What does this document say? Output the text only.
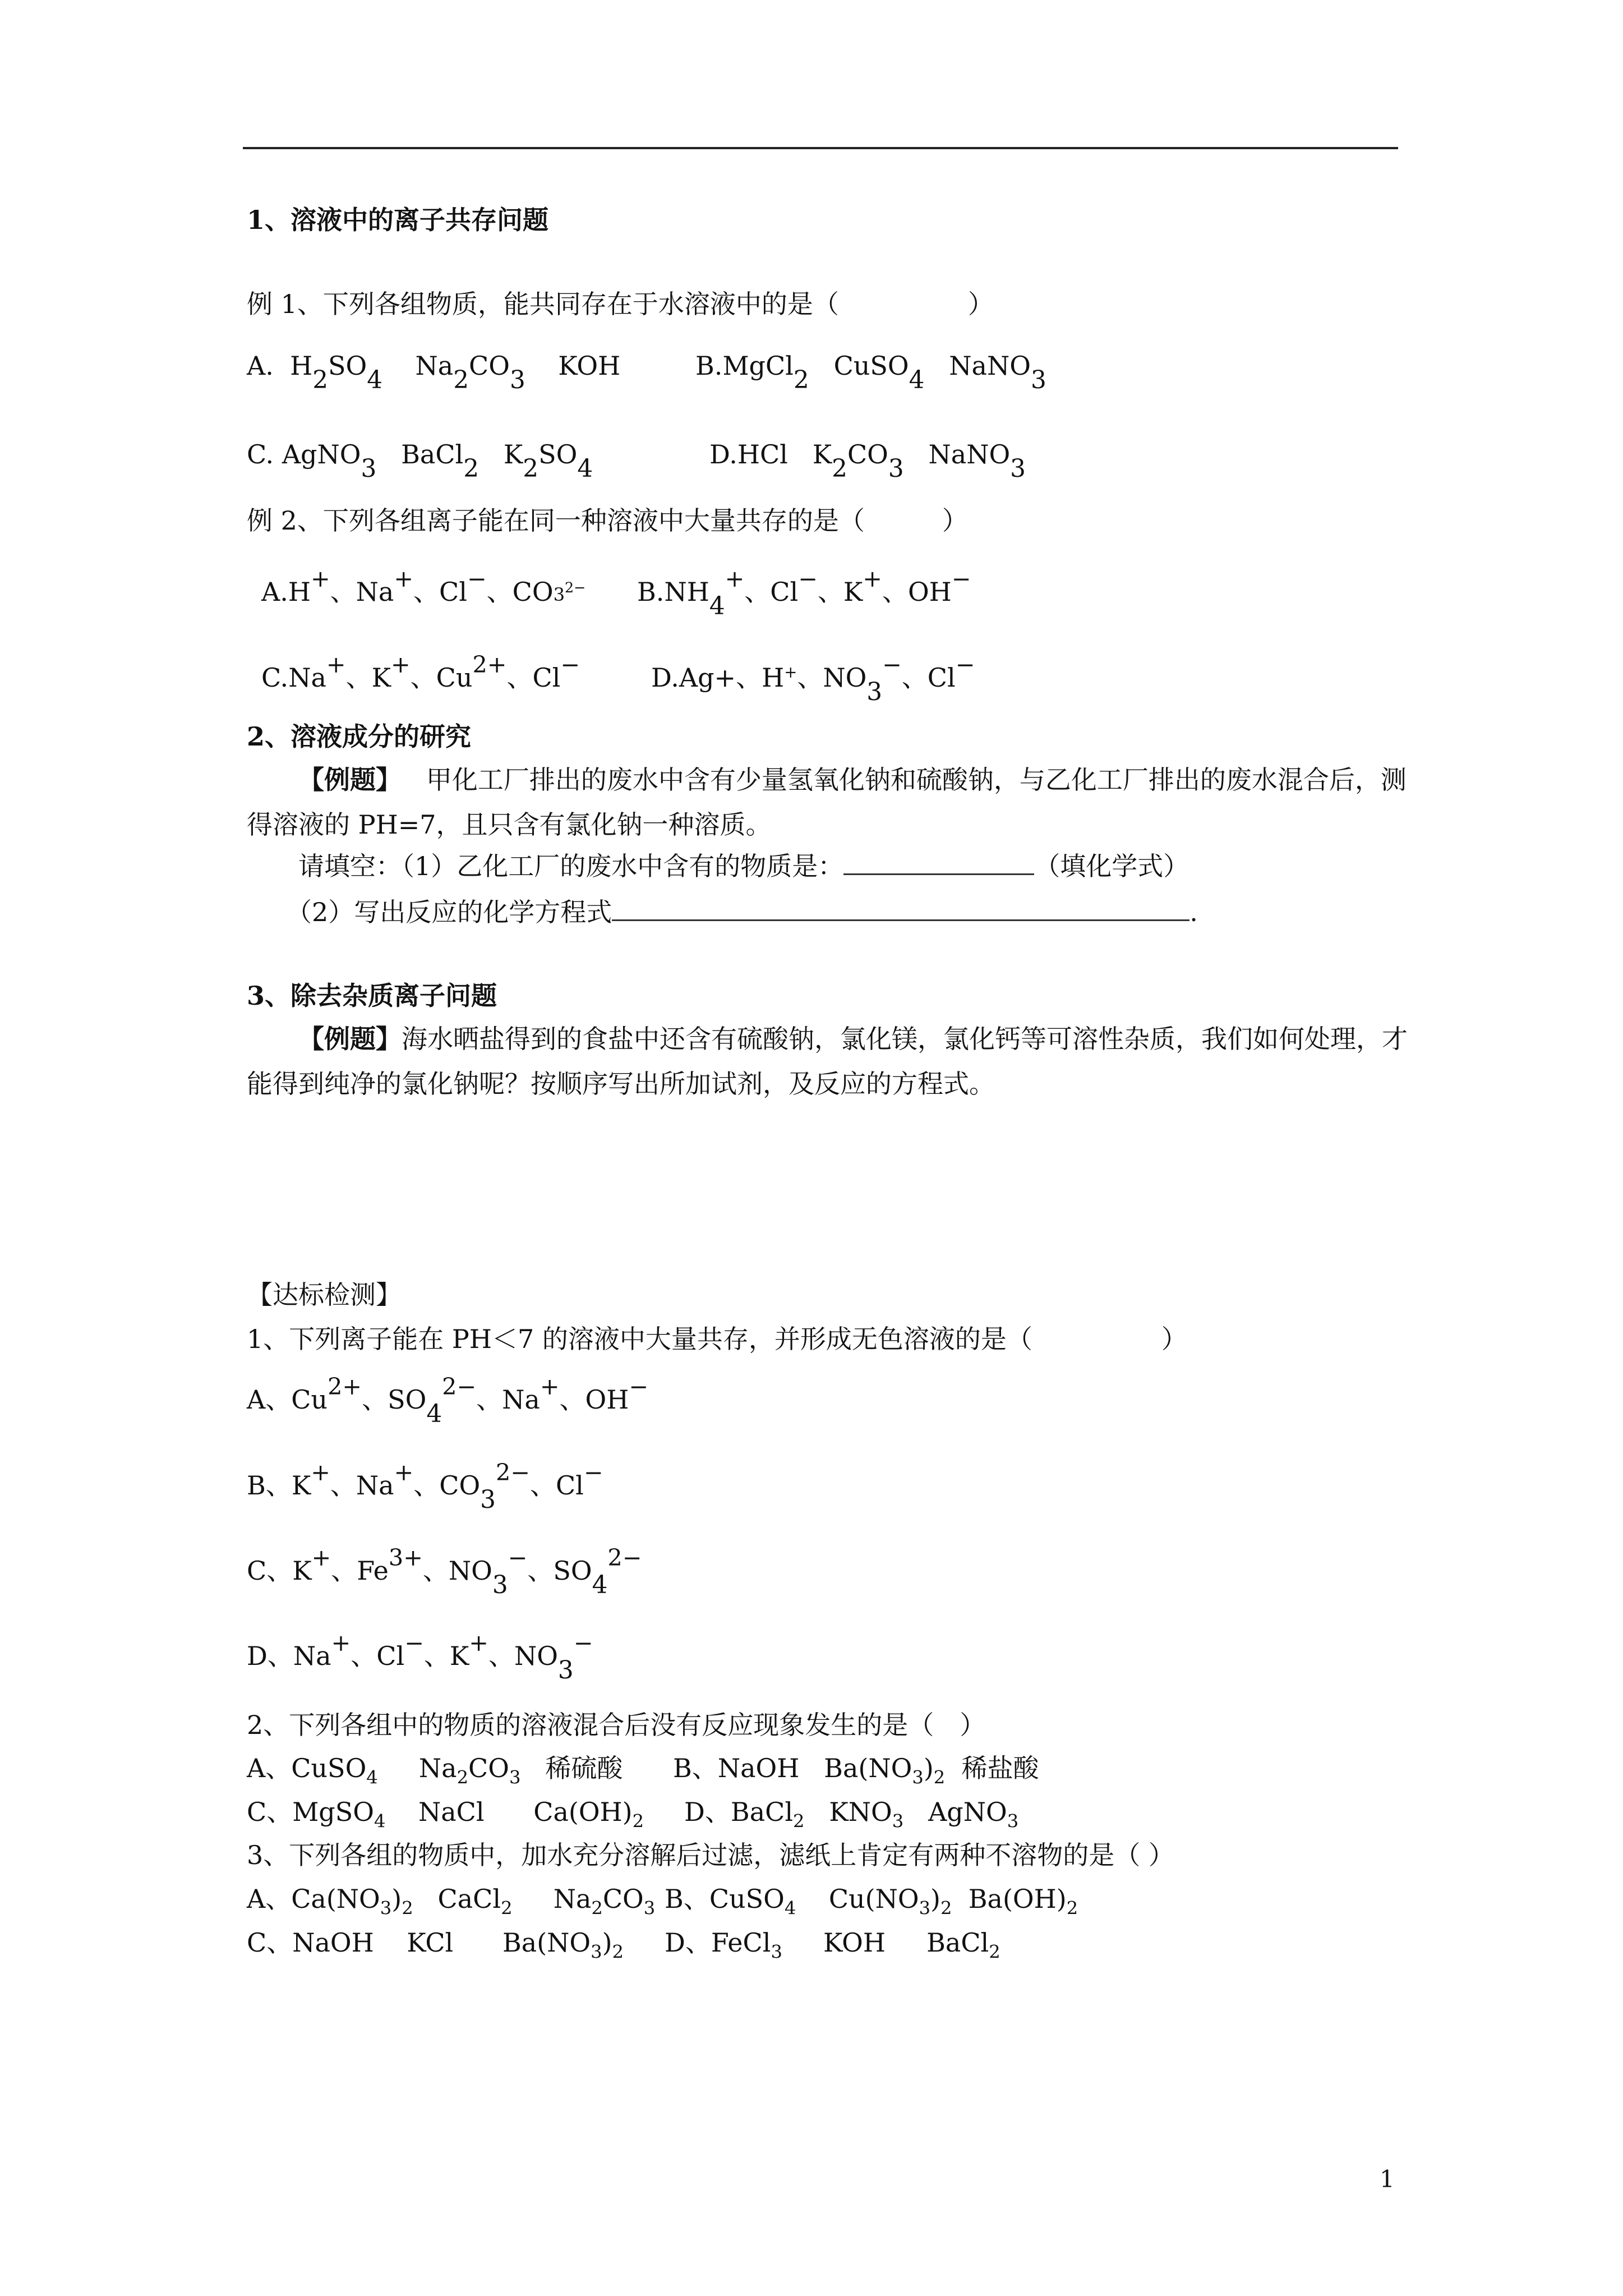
1、溶液中的离子共存问题
例 1、下列各组物质，能共同存在于水溶液中的是（　　　　　）
A.  $H_2SO_4$    $Na_2CO_3$    KOH	B.MgCl$_2$   CuSO$_4$   NaNO$_3$
C. AgNO$_3$   BaCl$_2$   $K_2SO_4$	D.HCl   $K_2CO_3$   NaNO$_3$
例 2、下列各组离子能在同一种溶液中大量共存的是（　　　）
A.H+、Na+、Cl−、$CO3^{2-}$ $B.NH_4^+$、Cl−、K+、OH−
C.Na+、K+、$Cu^{2+}$、Cl−	D.Ag+、H+、$NO_3^-$、Cl−
2、溶液成分的研究
【例题】 甲化工厂排出的废水中含有少量氢氧化钠和硫酸钠，与乙化工厂排出的废水混合后，测得溶液的 PH=7，且只含有氯化钠一种溶质。
请填空：（1）乙化工厂的废水中含有的物质是：	（填化学式）
（2）写出反应的化学方程式	.
3、除去杂质离子问题
【例题】海水晒盐得到的食盐中还含有硫酸钠，氯化镁，氯化钙等可溶性杂质，我们如何处理，才能得到纯净的氯化钠呢？按顺序写出所加试剂，及反应的方程式。
【达标检测】
1、下列离子能在 PH＜7 的溶液中大量共存，并形成无色溶液的是（　　　　　）
A、$Cu^{2+}$、$SO_4^{2-}$、Na+、OH−
B、K+、Na+、$CO_3^{2-}$、Cl−
C、K+、$Fe^{3+}$、$NO_3^-$、$SO_4^{2-}$
D、Na+、Cl−、K+、$NO_3^-$
2、下列各组中的物质的溶液混合后没有反应现象发生的是（　）
A、CuSO$_4$     $Na_2CO_3$ 稀硫酸 B、NaOH   $Ba(NO_3)_2$ 稀盐酸
C、MgSO$_4$    NaCl      $Ca(OH)_2$ D、BaCl$_2$   $KNO_3$   AgNO$_3$
3、下列各组的物质中，加水充分溶解后过滤，滤纸上肯定有两种不溶物的是（ ）
A、$Ca(NO_3)_2$   CaCl$_2$     $Na_2CO_3$ B、CuSO$_4$    $Cu(NO_3)_2$  $Ba(OH)_2$
C、NaOH    KCl      $Ba(NO_3)_2$ D、FeCl$_3$     KOH     BaCl$_2$
1
